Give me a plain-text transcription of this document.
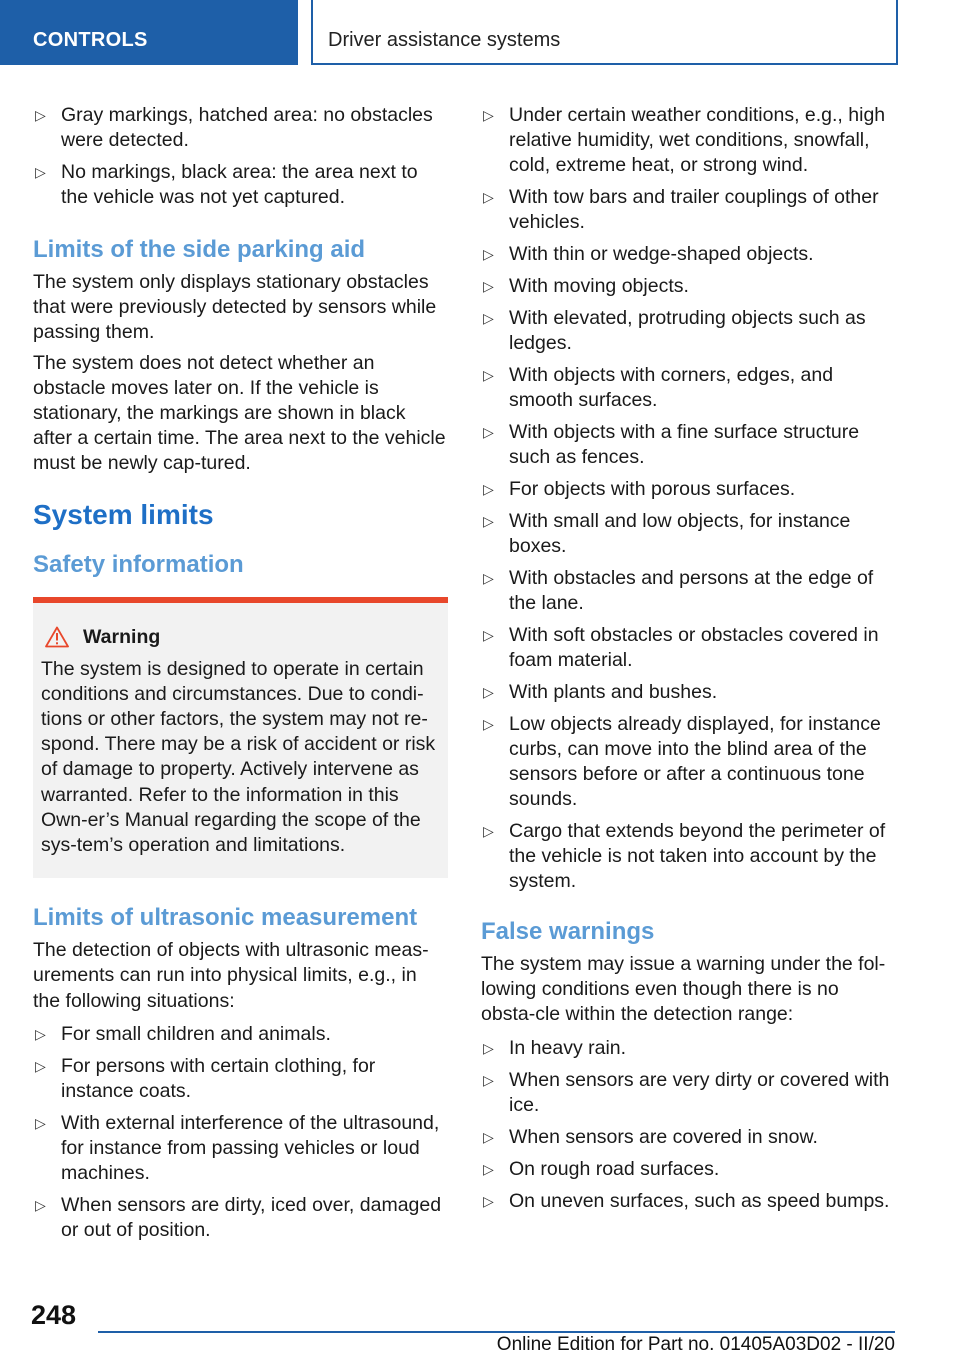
CONTROLS	Driver assistance systems
▷ Gray markings, hatched area: no obstacles were detected.
▷ No markings, black area: the area next to the vehicle was not yet captured.
Limits of the side parking aid

The system only displays stationary obstacles that were previously detected by sensors while passing them.

The system does not detect whether an obstacle moves later on. If the vehicle is stationary, the markings are shown in black after a certain time. The area next to the vehicle must be newly cap‐tured.

System limits
Safety information
Warning

The system is designed to operate in certain conditions and circumstances. Due to condi‐tions or other factors, the system may not re‐spond. There may be a risk of accident or risk of damage to property. Actively intervene as warranted. Refer to the information in this Own‐er’s Manual regarding the scope of the sys‐tem’s operation and limitations.

Limits of ultrasonic measurement

The detection of objects with ultrasonic meas‐urements can run into physical limits, e.g., in the following situations:

▷ For small children and animals.
▷ For persons with certain clothing, for instance coats.
▷ With external interference of the ultrasound, for instance from passing vehicles or loud machines.
▷ When sensors are dirty, iced over, damaged or out of position.
▷ Under certain weather conditions, e.g., high relative humidity, wet conditions, snowfall, cold, extreme heat, or strong wind.
▷ With tow bars and trailer couplings of other vehicles.
▷ With thin or wedge-shaped objects.
▷ With moving objects.
▷ With elevated, protruding objects such as ledges.
▷ With objects with corners, edges, and smooth surfaces.
▷ With objects with a fine surface structure such as fences.
▷ For objects with porous surfaces.
▷ With small and low objects, for instance boxes.
▷ With obstacles and persons at the edge of the lane.
▷ With soft obstacles or obstacles covered in foam material.
▷ With plants and bushes.
▷ Low objects already displayed, for instance curbs, can move into the blind area of the sensors before or after a continuous tone sounds.
▷ Cargo that extends beyond the perimeter of the vehicle is not taken into account by the system.
False warnings

The system may issue a warning under the fol‐lowing conditions even though there is no obsta‐cle within the detection range:

▷ In heavy rain.
▷ When sensors are very dirty or covered with ice.
▷ When sensors are covered in snow.
▷ On rough road surfaces.
▷ On uneven surfaces, such as speed bumps.
248
Online Edition for Part no. 01405A03D02 - II/20
